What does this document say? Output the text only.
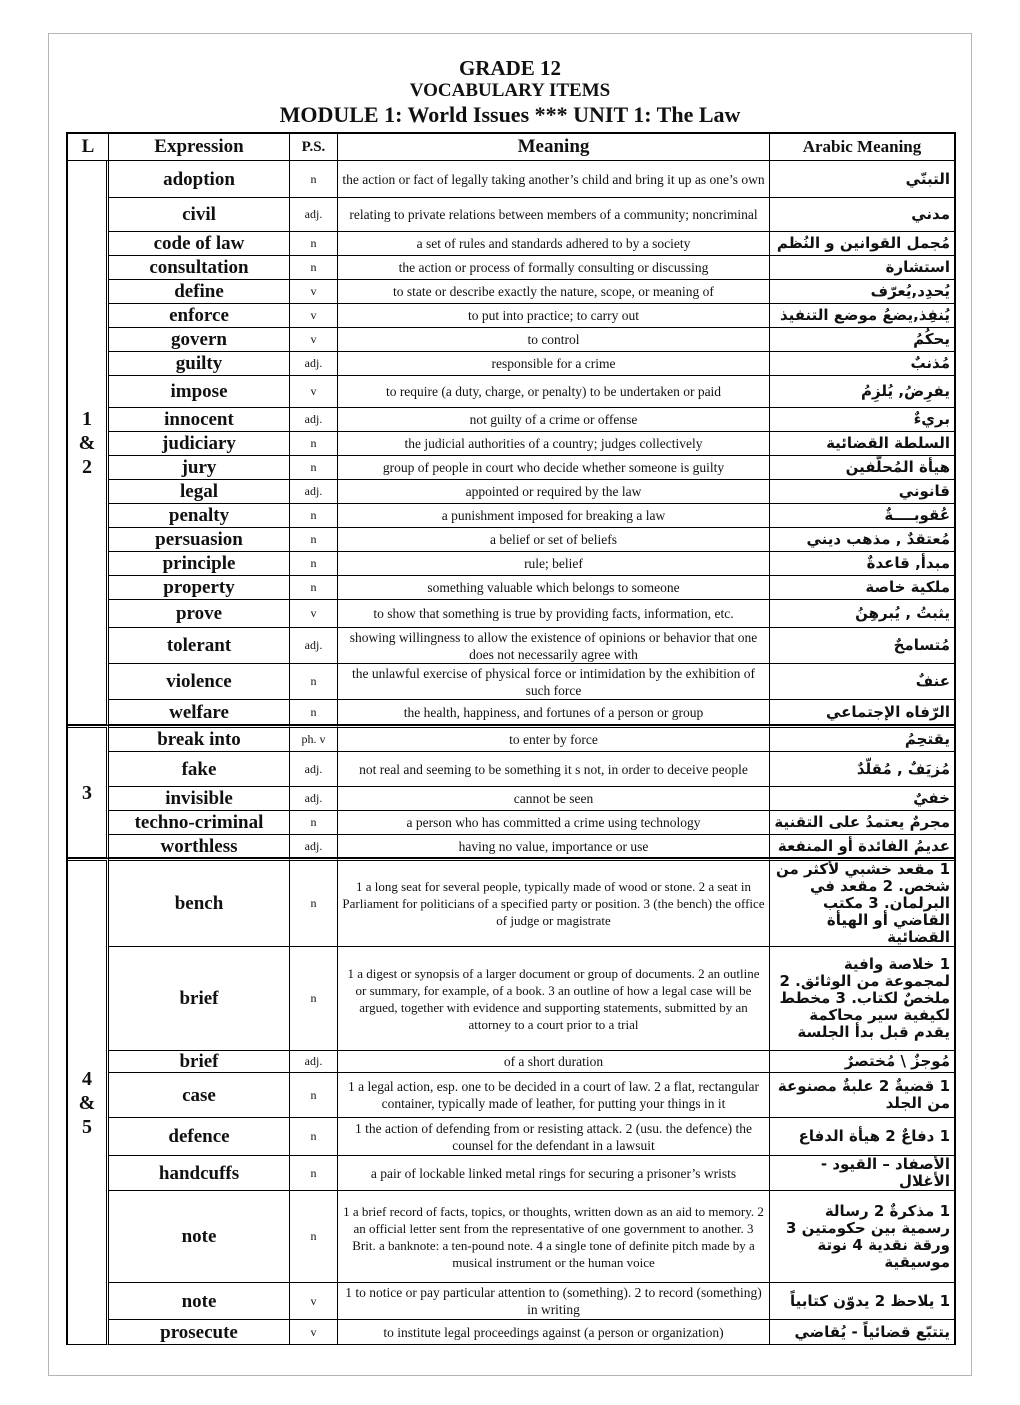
GRADE 12
VOCABULARY ITEMS
MODULE 1: World Issues *** UNIT 1: The Law
L	Expression	P.S.	Meaning	Arabic Meaning
1
&
2	adoption	n	the action or fact of legally taking another’s child and bring it up as one’s own	التبنّي
	civil	adj.	relating to private relations between members of a community; noncriminal	مدني
	code of law	n	a set of rules and standards adhered to by a society	مُجمل القوانين و النُظم
	consultation	n	the action or process of formally consulting or discussing	استشارة
	define	v	to state or describe exactly the nature, scope, or meaning of	يُحدِد,يُعرّف
	enforce	v	to put into practice; to carry out	يُنفِذ,يضعُ موضع التنفيذ
	govern	v	to control	يحكُمُ
	guilty	adj.	responsible for a crime	مُذنبٌ
	impose	v	to require (a duty, charge, or penalty) to be undertaken or paid	يفرِضُ, يُلزِمُ
	innocent	adj.	not guilty of a crime or offense	بريءٌ
	judiciary	n	the judicial authorities of a country; judges collectively	السلطة القضائية
	jury	n	group of people in court who decide whether someone is guilty	هيأة المُحلّفين
	legal	adj.	appointed or required by the law	قانوني
	penalty	n	a punishment imposed for breaking a law	عُقوبــــةٌ
	persuasion	n	a belief or set of beliefs	مُعتقدٌ , مذهب ديني
	principle	n	rule; belief	مبدأ, قاعدةٌ
	property	n	something valuable which belongs to someone	ملكية خاصة
	prove	v	to show that something is true by providing facts, information, etc.	يثبتُ , يُبرهِنُ
	tolerant	adj.	showing willingness to allow the existence of opinions or behavior that one does not necessarily agree with	مُتسامحٌ
	violence	n	the unlawful exercise of physical force or intimidation by the exhibition of such force	عنفٌ
	welfare	n	the health, happiness, and fortunes of a person or group	الرّفاه الإجتماعي
3	break into	ph. v	to enter by force	يقتحِمُ
	fake	adj.	not real and seeming to be something it s not, in order to deceive people	مُزيَفٌ , مُقلّدٌ
	invisible	adj.	cannot be seen	خفيٌ
	techno-criminal	n	a person who has committed a crime using technology	مجرمٌ يعتمدُ على التقنية
	worthless	adj.	having no value, importance or use	عديمُ الفائدة أو المنفعة
4
&
5	bench	n	1 a long seat for several people, typically made of wood or stone. 2 a seat in Parliament for politicians of a specified party or position. 3 (the bench) the office of judge or magistrate	1 مقعد خشبي لأكثر من شخص. 2 مقعد في البرلمان. 3 مكتب القاضي أو الهيأة القضائية
	brief	n	1 a digest or synopsis of a larger document or group of documents. 2 an outline or summary, for example, of a book. 3 an outline of how a legal case will be argued, together with evidence and supporting statements, submitted by an attorney to a court prior to a trial	1 خلاصة وافية لمجموعة من الوثائق. 2 ملخصٌ لكتاب. 3 مخطط لكيفية سير محاكمة يقدم قبل بدأ الجلسة
	brief	adj.	of a short duration	مُوجزٌ \ مُختصرٌ
	case	n	1 a legal action, esp. one to be decided in a court of law. 2 a flat, rectangular container, typically made of leather, for putting your things in it	1 قضيةٌ 2 علبةٌ مصنوعة من الجلد
	defence	n	1 the action of defending from or resisting attack. 2 (usu. the defence) the counsel for the defendant in a lawsuit	1 دفاعٌ 2 هيأة الدفاع
	handcuffs	n	a pair of lockable linked metal rings for securing a prisoner’s wrists	الأصفاد – القيود - الأغلال
	note	n	1 a brief record of facts, topics, or thoughts, written down as an aid to memory. 2 an official letter sent from the representative of one government to another. 3 Brit. a banknote: a ten-pound note. 4 a single tone of definite pitch made by a musical instrument or the human voice	1 مذكرةٌ 2 رسالة رسمية بين حكومتين 3 ورقة نقدية 4 نوتة موسيقية
	note	v	1 to notice or pay particular attention to (something). 2 to record (something) in writing	1 يلاحظ 2 يدوّن كتابياً
	prosecute	v	to institute legal proceedings against (a person or organization)	يتتبّع قضائياً - يُقاضي
